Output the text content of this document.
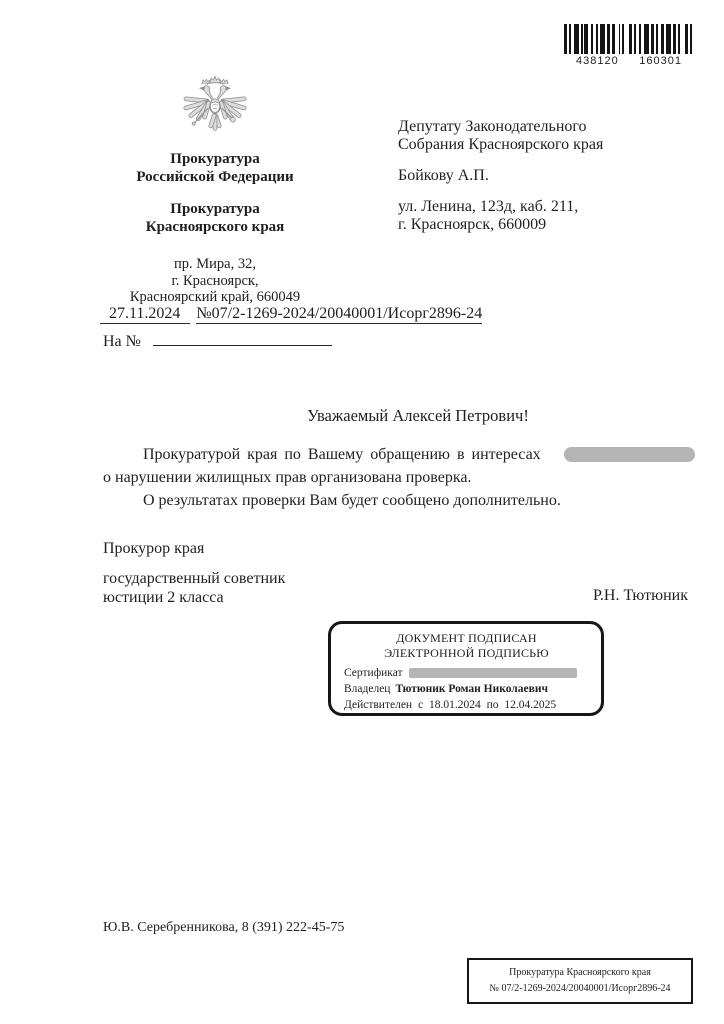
438120 160301
Прокуратура
Российской Федерации
Прокуратура
Красноярского края
пр. Мира, 32,
г. Красноярск,
Красноярский край, 660049
Депутату Законодательного
Собрания Красноярского края
Бойкову А.П.
ул. Ленина, 123д, каб. 211,
г. Красноярск, 660009
27.11.2024 №07/2-1269-2024/20040001/Исорг2896-24
На №
Уважаемый Алексей Петрович!
Прокуратурой края по Вашему обращению в интересах
о нарушении жилищных прав организована проверка.
О результатах проверки Вам будет сообщено дополнительно.
Прокурор края
государственный советник
юстиции 2 класса	Р.Н. Тютюник
ДОКУМЕНТ ПОДПИСАН
ЭЛЕКТРОННОЙ ПОДПИСЬЮ
Сертификат
Владелец Тютюник Роман Николаевич
Действителен с 18.01.2024 по 12.04.2025
Ю.В. Серебренникова, 8 (391) 222-45-75
Прокуратура Красноярского края
№ 07/2-1269-2024/20040001/Исорг2896-24
